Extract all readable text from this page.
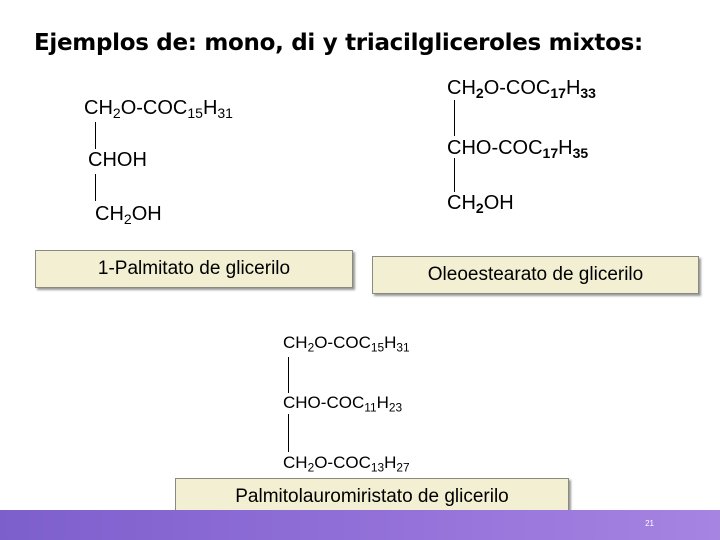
Ejemplos de: mono, di y triacilgliceroles mixtos:
$CH_2O-COC_{15}H_{31}$
CHOH
$CH_2OH$
1-Palmitato de glicerilo
$CH_2O-COC_{17}H_{33}$
CHO-$COC_{17}H_{35}$
$CH_2OH$
Oleoestearato de glicerilo
$CH_2O-COC_{15}H_{31}$
CHO-$COC_{11}H_{23}$
$CH_2O-COC_{13}H_{27}$
Palmitolauromiristato de glicerilo
21
